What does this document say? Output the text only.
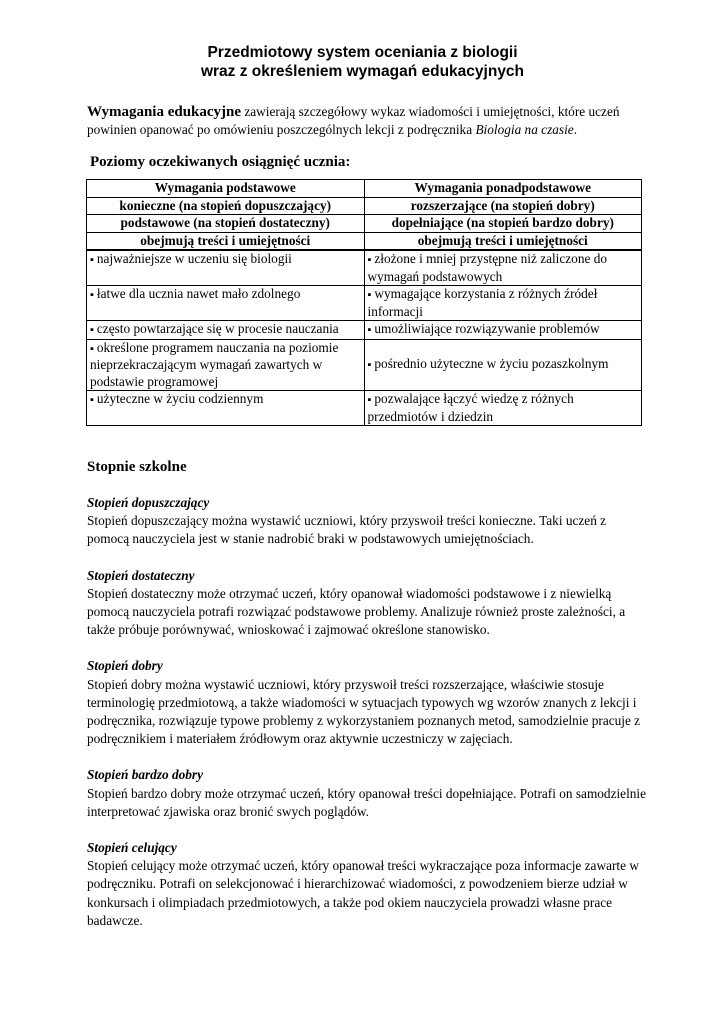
Przedmiotowy system oceniania z biologii
wraz z określeniem wymagań edukacyjnych

Wymagania edukacyjne zawierają szczegółowy wykaz wiadomości i umiejętności, które uczeń powinien opanować po omówieniu poszczególnych lekcji z podręcznika Biologia na czasie.

Poziomy oczekiwanych osiągnięć ucznia:

Wymagania podstawowe	Wymagania ponadpodstawowe
konieczne (na stopień dopuszczający)	rozszerzające (na stopień dobry)
podstawowe (na stopień dostateczny)	dopełniające (na stopień bardzo dobry)
obejmują treści i umiejętności	obejmują treści i umiejętności
▪ najważniejsze w uczeniu się biologii	▪ złożone i mniej przystępne niż zaliczone do wymagań podstawowych
▪ łatwe dla ucznia nawet mało zdolnego	▪ wymagające korzystania z różnych źródeł informacji
▪ często powtarzające się w procesie nauczania	▪ umożliwiające rozwiązywanie problemów
▪ określone programem nauczania na poziomie nieprzekraczającym wymagań zawartych w podstawie programowej	▪ pośrednio użyteczne w życiu pozaszkolnym
▪ użyteczne w życiu codziennym	▪ pozwalające łączyć wiedzę z różnych przedmiotów i dziedzin
Stopnie szkolne
Stopień dopuszczający
Stopień dopuszczający można wystawić uczniowi, który przyswoił treści konieczne. Taki uczeń z pomocą nauczyciela jest w stanie nadrobić braki w podstawowych umiejętnościach.
Stopień dostateczny
Stopień dostateczny może otrzymać uczeń, który opanował wiadomości podstawowe i z niewielką pomocą nauczyciela potrafi rozwiązać podstawowe problemy. Analizuje również proste zależności, a także próbuje porównywać, wnioskować i zajmować określone stanowisko.
Stopień dobry
Stopień dobry można wystawić uczniowi, który przyswoił treści rozszerzające, właściwie stosuje terminologię przedmiotową, a także wiadomości w sytuacjach typowych wg wzorów znanych z lekcji i podręcznika, rozwiązuje typowe problemy z wykorzystaniem poznanych metod, samodzielnie pracuje z podręcznikiem i materiałem źródłowym oraz aktywnie uczestniczy w zajęciach.
Stopień bardzo dobry
Stopień bardzo dobry może otrzymać uczeń, który opanował treści dopełniające. Potrafi on samodzielnie interpretować zjawiska oraz bronić swych poglądów.
Stopień celujący
Stopień celujący może otrzymać uczeń, który opanował treści wykraczające poza informacje zawarte w podręczniku. Potrafi on selekcjonować i hierarchizować wiadomości, z powodzeniem bierze udział w konkursach i olimpiadach przedmiotowych, a także pod okiem nauczyciela prowadzi własne prace badawcze.
